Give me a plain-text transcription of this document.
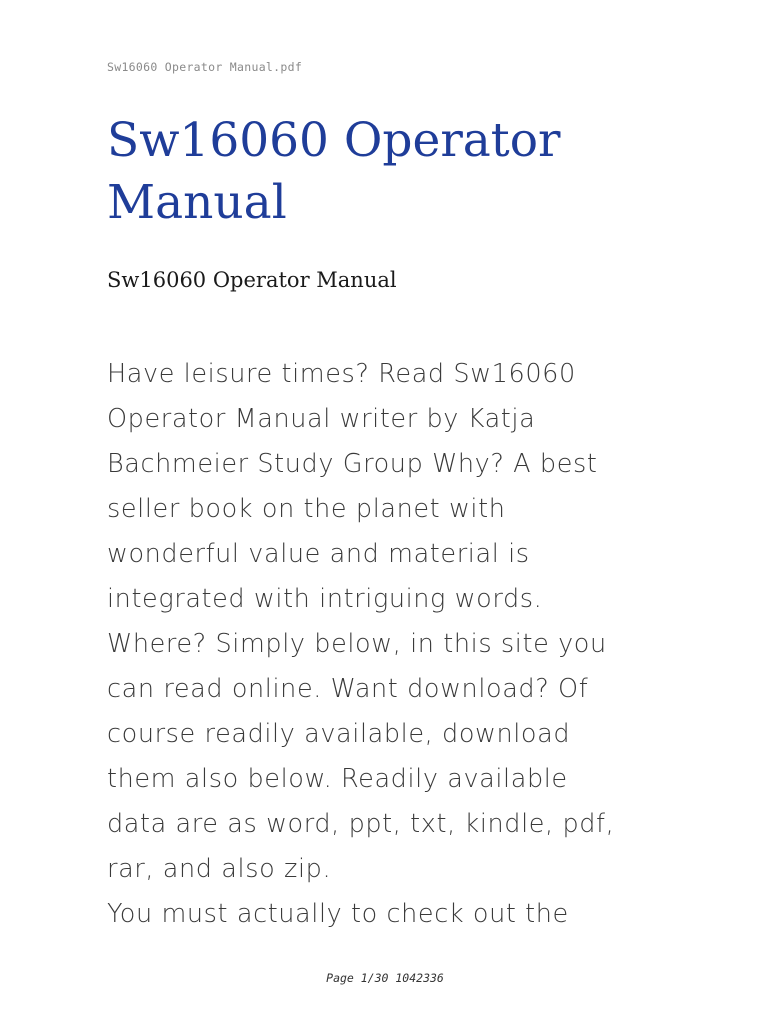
Sw16060 Operator Manual.pdf
Sw16060 Operator Manual
Sw16060 Operator Manual

Have leisure times? Read Sw16060
Operator Manual writer by Katja
Bachmeier Study Group Why? A best
seller book on the planet with
wonderful value and material is
integrated with intriguing words.
Where? Simply below, in this site you
can read online. Want download? Of
course readily available, download
them also below. Readily available
data are as word, ppt, txt, kindle, pdf,
rar, and also zip.
You must actually to check out the

Page 1/30 1042336
